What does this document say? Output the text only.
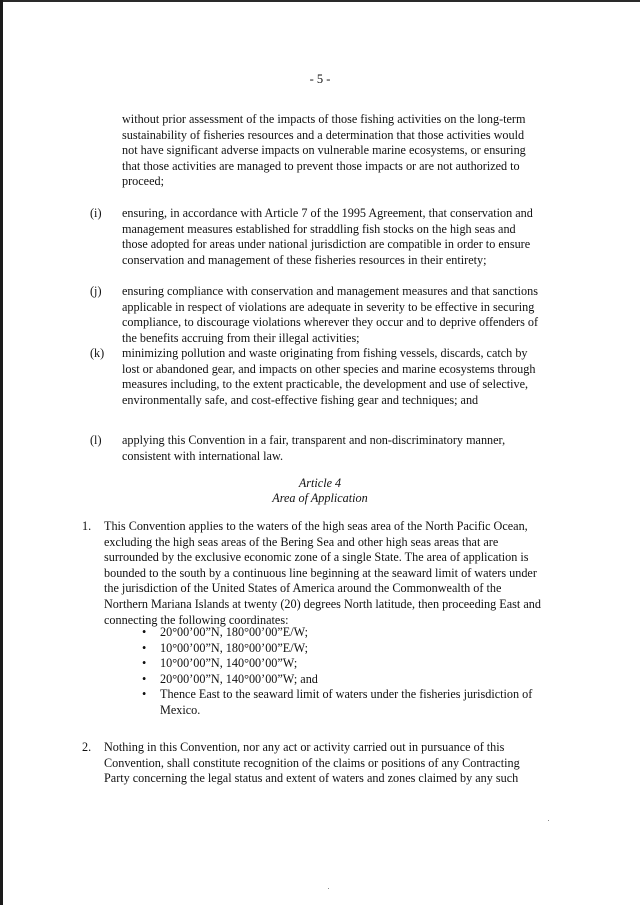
- 5 -

without prior assessment of the impacts of those fishing activities on the long-term sustainability of fisheries resources and a determination that those activities would not have significant adverse impacts on vulnerable marine ecosystems, or ensuring that those activities are managed to prevent those impacts or are not authorized to proceed;

(i)	ensuring, in accordance with Article 7 of the 1995 Agreement, that conservation and management measures established for straddling fish stocks on the high seas and those adopted for areas under national jurisdiction are compatible in order to ensure conservation and management of these fisheries resources in their entirety;
(j)	ensuring compliance with conservation and management measures and that sanctions applicable in respect of violations are adequate in severity to be effective in securing compliance, to discourage violations wherever they occur and to deprive offenders of the benefits accruing from their illegal activities;
(k)	minimizing pollution and waste originating from fishing vessels, discards, catch by lost or abandoned gear, and impacts on other species and marine ecosystems through measures including, to the extent practicable, the development and use of selective, environmentally safe, and cost-effective fishing gear and techniques; and
(l)	applying this Convention in a fair, transparent and non-discriminatory manner, consistent with international law.
Article 4
Area of Application
1. This Convention applies to the waters of the high seas area of the North Pacific Ocean, excluding the high seas areas of the Bering Sea and other high seas areas that are surrounded by the exclusive economic zone of a single State. The area of application is bounded to the south by a continuous line beginning at the seaward limit of waters under the jurisdiction of the United States of America around the Commonwealth of the Northern Mariana Islands at twenty (20) degrees North latitude, then proceeding East and connecting the following coordinates:
• 20°00’00”N, 180°00’00”E/W;
• 10°00’00”N, 180°00’00”E/W;
• 10°00’00”N, 140°00’00”W;
• 20°00’00”N, 140°00’00”W; and
• Thence East to the seaward limit of waters under the fisheries jurisdiction of Mexico.
2. Nothing in this Convention, nor any act or activity carried out in pursuance of this Convention, shall constitute recognition of the claims or positions of any Contracting Party concerning the legal status and extent of waters and zones claimed by any such
